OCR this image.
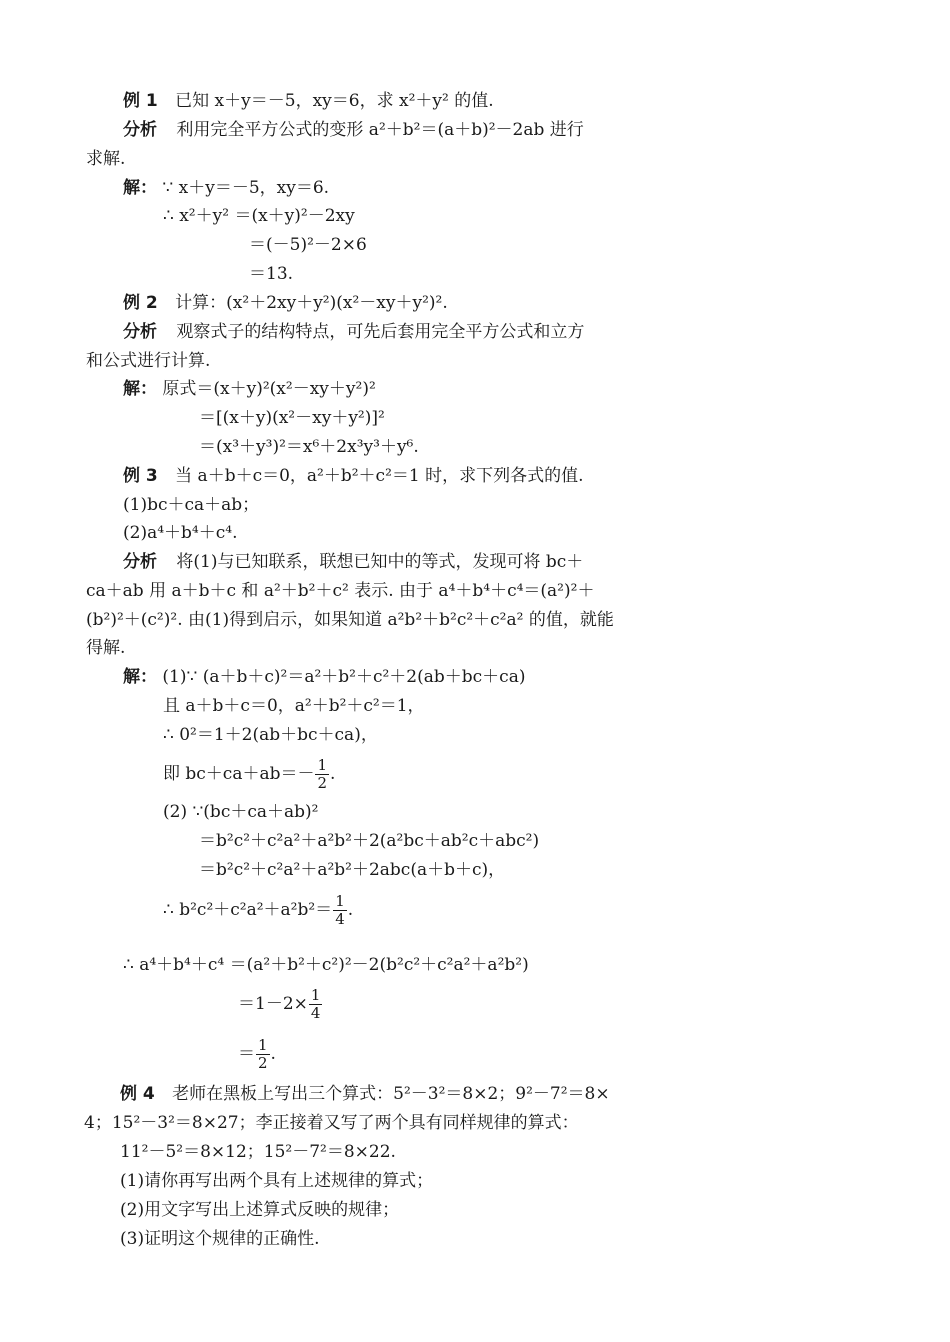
例 1 已知 x＋y＝－5，xy＝6，求 x²＋y² 的值.
分析 利用完全平方公式的变形 a²＋b²＝(a＋b)²－2ab 进行
求解.
解： ∵ x＋y＝－5，xy＝6.
∴ x²＋y² ＝(x＋y)²－2xy
＝(－5)²－2×6
＝13.
例 2 计算：(x²＋2xy＋y²)(x²－xy＋y²)².
分析 观察式子的结构特点，可先后套用完全平方公式和立方
和公式进行计算.
解： 原式＝(x＋y)²(x²－xy＋y²)²
＝[(x＋y)(x²－xy＋y²)]²
＝(x³＋y³)²＝x⁶＋2x³y³＋y⁶.
例 3 当 a＋b＋c＝0，a²＋b²＋c²＝1 时，求下列各式的值.
(1)bc＋ca＋ab；
(2)a⁴＋b⁴＋c⁴.
分析 将(1)与已知联系，联想已知中的等式，发现可将 bc＋
ca＋ab 用 a＋b＋c 和 a²＋b²＋c² 表示. 由于 a⁴＋b⁴＋c⁴＝(a²)²＋
(b²)²＋(c²)². 由(1)得到启示，如果知道 a²b²＋b²c²＋c²a² 的值，就能
得解.
解： (1)∵ (a＋b＋c)²＝a²＋b²＋c²＋2(ab＋bc＋ca)
且 a＋b＋c＝0，a²＋b²＋c²＝1，
∴ 0²＝1＋2(ab＋bc＋ca)，
即 $bc+ca+ab=- \frac{1}{2}$ .
(2) ∵(bc＋ca＋ab)²
＝b²c²＋c²a²＋a²b²＋2(a²bc＋ab²c＋abc²)
＝b²c²＋c²a²＋a²b²＋2abc(a＋b＋c)，
∴ $b^2c^2+c^2a^2+a^2b^2= \frac{1}{4}$ .
∴ a⁴＋b⁴＋c⁴ ＝(a²＋b²＋c²)²－2(b²c²＋c²a²＋a²b²)
$=1-2\times \frac{1}{4}$
＝ $\frac{1}{2}$ .
例 4 老师在黑板上写出三个算式：5²－3²＝8×2；9²－7²＝8×
4；15²－3²＝8×27；李正接着又写了两个具有同样规律的算式：
11²－5²＝8×12；15²－7²＝8×22.
(1)请你再写出两个具有上述规律的算式；
(2)用文字写出上述算式反映的规律；
(3)证明这个规律的正确性.
